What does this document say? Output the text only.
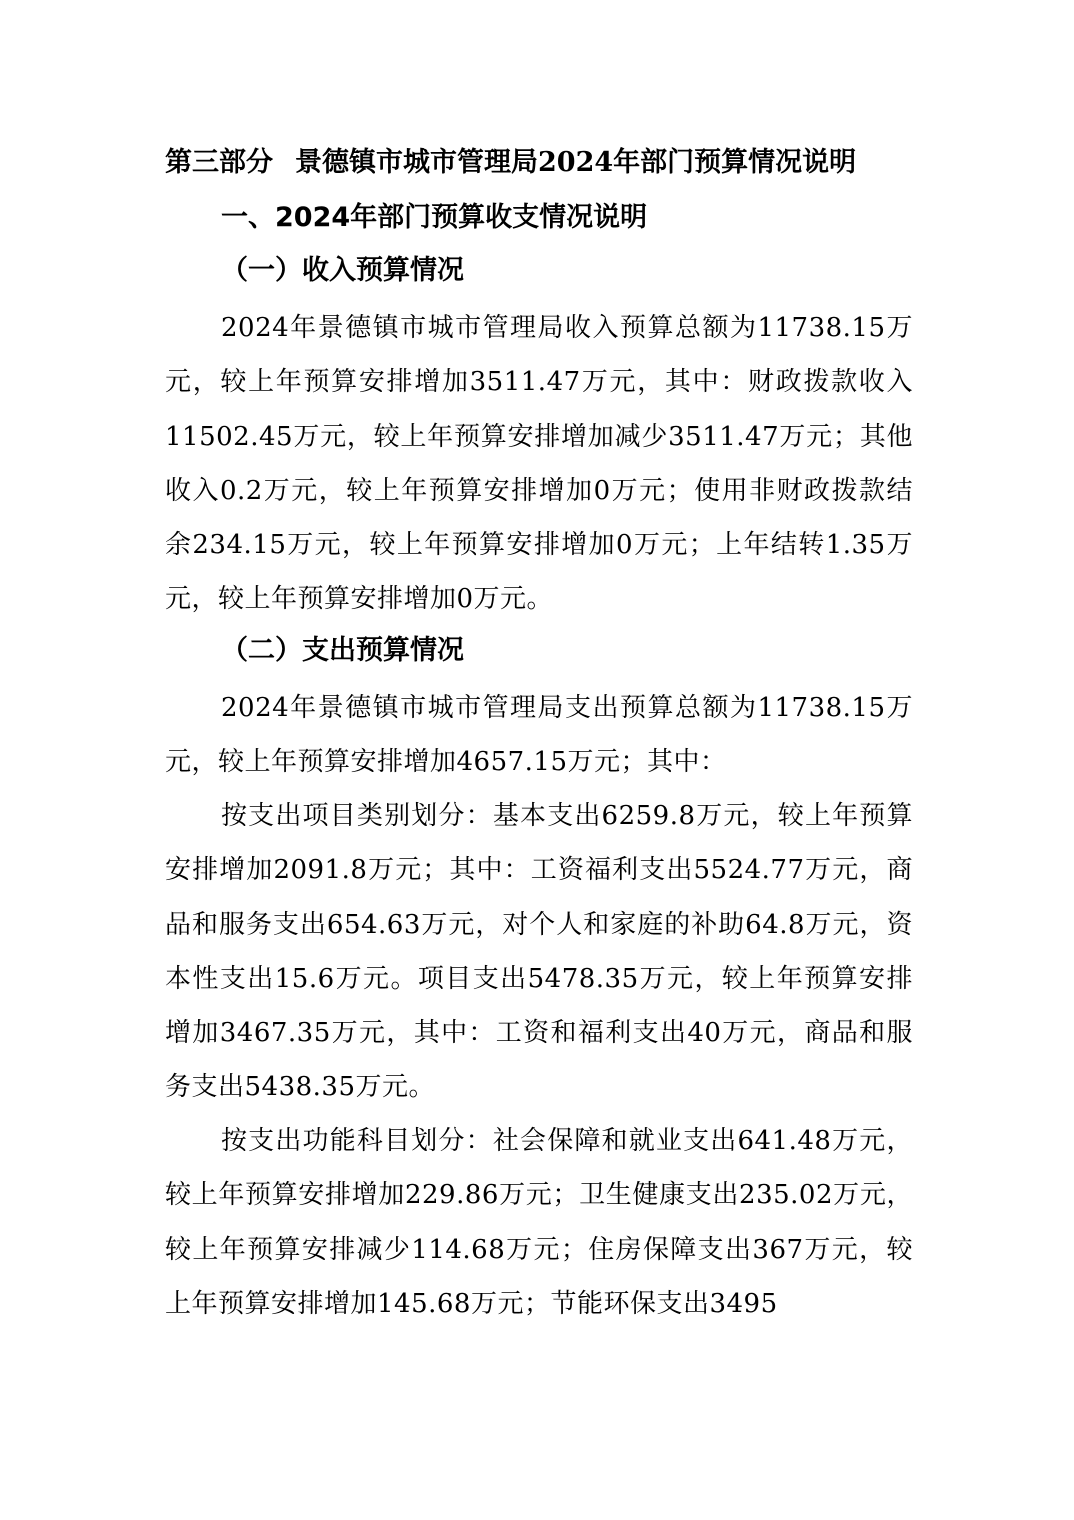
第三部分 景德镇市城市管理局2024年部门预算情况说明
一、2024年部门预算收支情况说明
（一）收入预算情况
2024年景德镇市城市管理局收入预算总额为11738.15万元，较上年预算安排增加3511.47万元，其中：财政拨款收入11502.45万元，较上年预算安排增加减少3511.47万元；其他收入0.2万元，较上年预算安排增加0万元；使用非财政拨款结余234.15万元，较上年预算安排增加0万元；上年结转1.35万元，较上年预算安排增加0万元。
（二）支出预算情况
2024年景德镇市城市管理局支出预算总额为11738.15万元，较上年预算安排增加4657.15万元；其中：
按支出项目类别划分：基本支出6259.8万元，较上年预算安排增加2091.8万元；其中：工资福利支出5524.77万元，商品和服务支出654.63万元，对个人和家庭的补助64.8万元，资本性支出15.6万元。项目支出5478.35万元，较上年预算安排增加3467.35万元，其中：工资和福利支出40万元，商品和服务支出5438.35万元。
按支出功能科目划分：社会保障和就业支出641.48万元，较上年预算安排增加229.86万元；卫生健康支出235.02万元，较上年预算安排减少114.68万元；住房保障支出367万元，较上年预算安排增加145.68万元；节能环保支出3495
